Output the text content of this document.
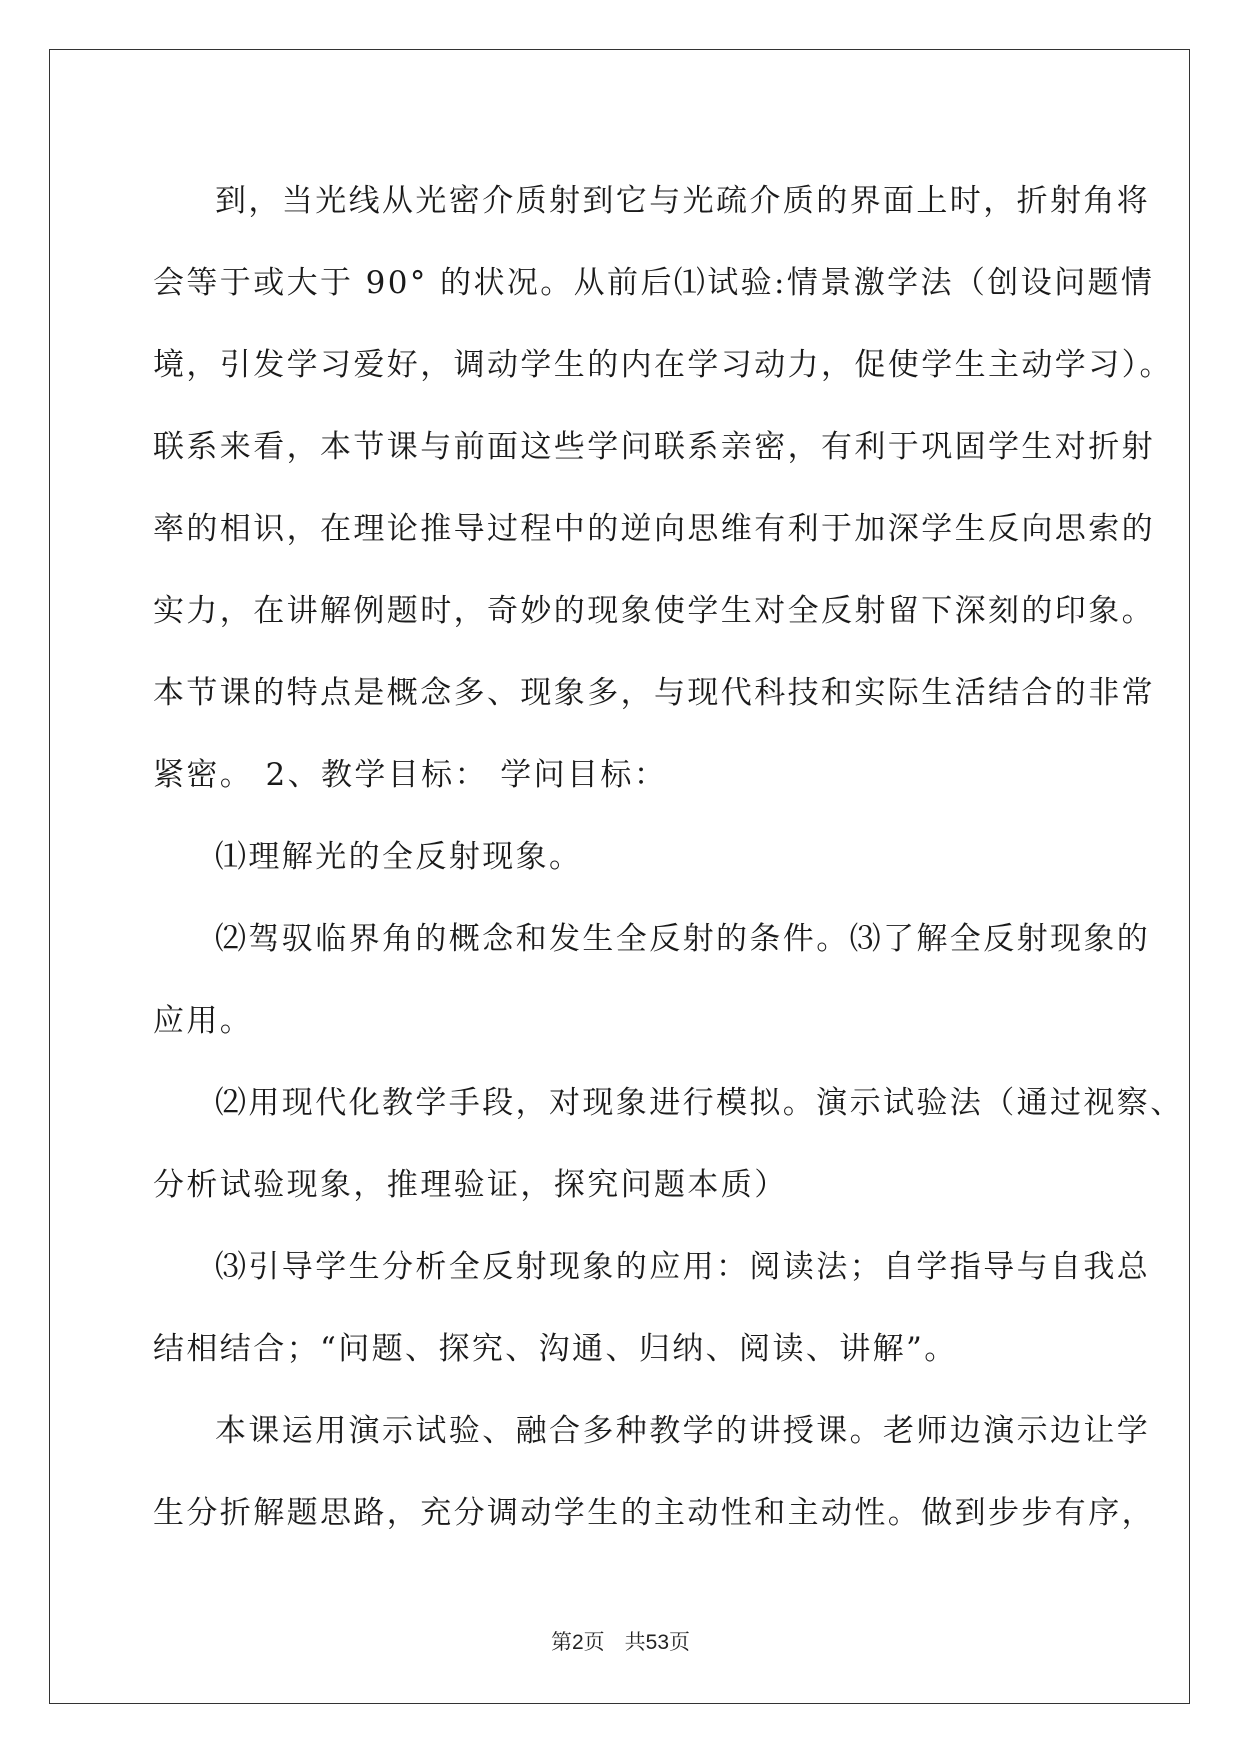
到，当光线从光密介质射到它与光疏介质的界面上时，折射角将
会等于或大于 90° 的状况。从前后⑴试验:情景激学法（创设问题情
境，引发学习爱好，调动学生的内在学习动力，促使学生主动学习）。
联系来看，本节课与前面这些学问联系亲密，有利于巩固学生对折射
率的相识，在理论推导过程中的逆向思维有利于加深学生反向思索的
实力，在讲解例题时，奇妙的现象使学生对全反射留下深刻的印象。
本节课的特点是概念多、现象多，与现代科技和实际生活结合的非常
紧密。 2、教学目标： 学问目标：
⑴理解光的全反射现象。
⑵驾驭临界角的概念和发生全反射的条件。⑶了解全反射现象的
应用。
⑵用现代化教学手段，对现象进行模拟。演示试验法（通过视察、
分析试验现象，推理验证，探究问题本质）
⑶引导学生分析全反射现象的应用：阅读法；自学指导与自我总
结相结合；“问题、探究、沟通、归纳、阅读、讲解”。
本课运用演示试验、融合多种教学的讲授课。老师边演示边让学
生分折解题思路，充分调动学生的主动性和主动性。做到步步有序，
第2页 共53页
